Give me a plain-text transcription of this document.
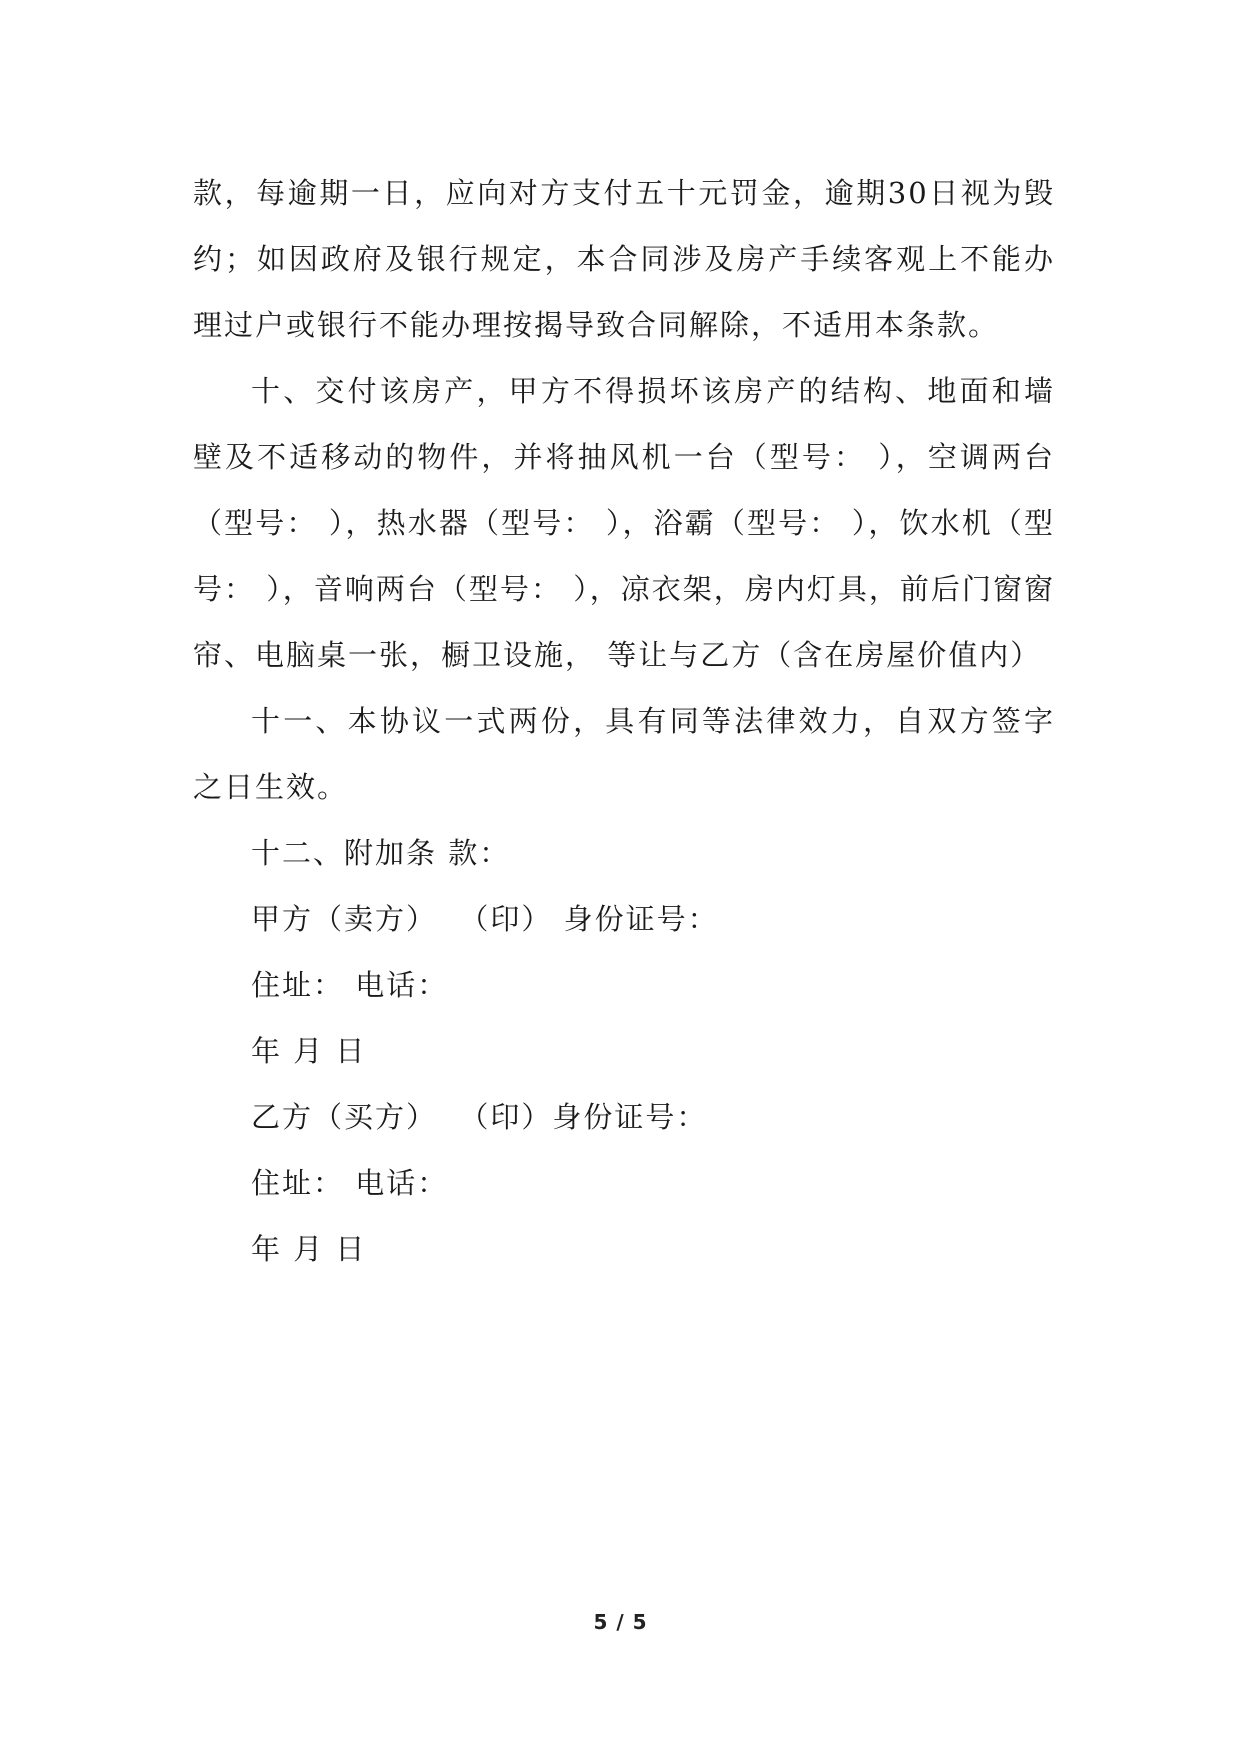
款，每逾期一日，应向对方支付五十元罚金，逾期30日视为毁约；如因政府及银行规定，本合同涉及房产手续客观上不能办理过户或银行不能办理按揭导致合同解除，不适用本条款。

十、交付该房产，甲方不得损坏该房产的结构、地面和墙壁及不适移动的物件，并将抽风机一台（型号： ），空调两台（型号： ），热水器（型号： ），浴霸（型号： ），饮水机（型号： ），音响两台（型号： ），凉衣架，房内灯具，前后门窗窗帘、电脑桌一张，橱卫设施， 等让与乙方（含在房屋价值内）

十一、本协议一式两份，具有同等法律效力，自双方签字之日生效。

十二、附加条 款：

甲方（卖方）  （印） 身份证号：

住址： 电话：

年 月 日

乙方（买方）  （印）身份证号：

住址： 电话：

年 月 日

5 / 5
